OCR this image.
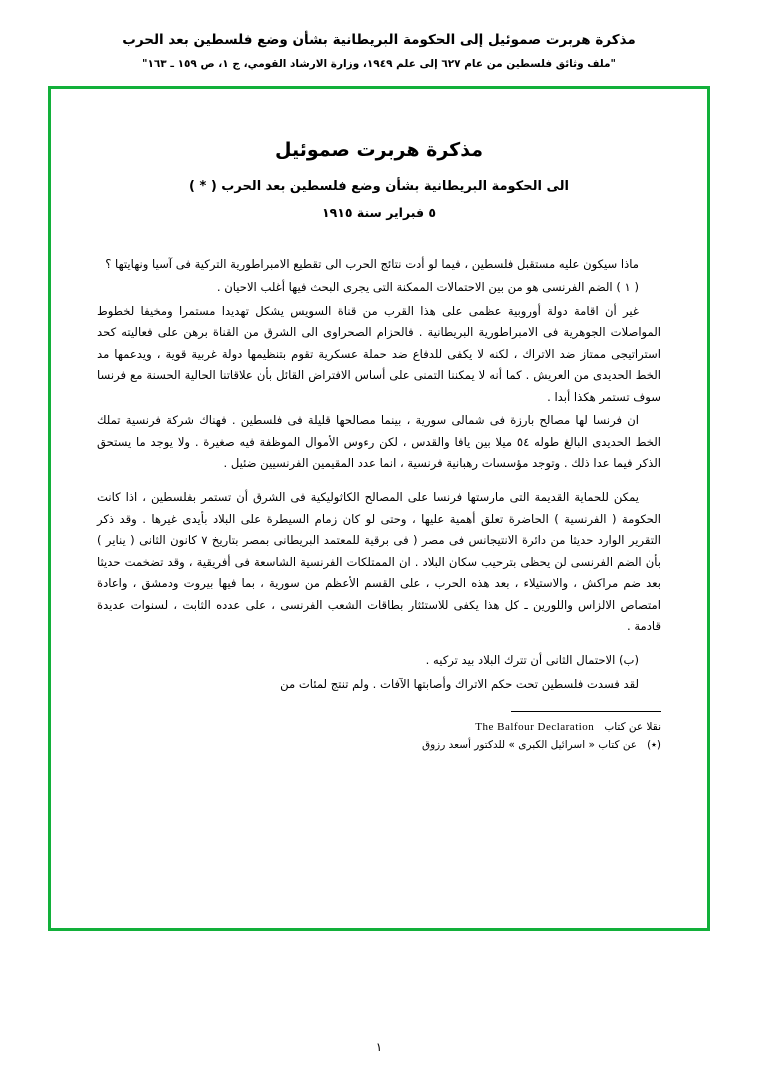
مذكرة هربرت صموئيل إلى الحكومة البريطانية بشأن وضع فلسطين بعد الحرب
"ملف وثائق فلسطين من عام ٦٢٧ إلى علم ١٩٤٩، وزارة الارشاد القومي، ج ١، ص ١٥٩ ـ ١٦٣"
مذكرة هربرت صموئيل
الى الحكومة البريطانية بشأن وضع فلسطين بعد الحرب ( * )
٥ فبراير سنة ١٩١٥

ماذا سيكون عليه مستقبل فلسطين ، فيما لو أدت نتائج الحرب الى تقطيع الامبراطورية التركية فى آسيا ونهايتها ؟

( ١ ) الضم الفرنسى هو من بين الاحتمالات الممكنة التى يجرى البحث فيها أغلب الاحيان .

غير أن اقامة دولة أوروبية عظمى على هذا القرب من قناة السويس يشكل تهديدا مستمرا ومخيفا لخطوط المواصلات الجوهرية فى الامبراطورية البريطانية . فالحزام الصحراوى الى الشرق من القناة برهن على فعاليته كحد استراتيجى ممتاز ضد الاتراك ، لكنه لا يكفى للدفاع ضد حملة عسكرية تقوم بتنظيمها دولة غربية قوية ، ويدعمها مد الخط الحديدى من العريش . كما أنه لا يمكننا التمنى على أساس الافتراض القائل بأن علاقاتنا الحالية الحسنة مع فرنسا سوف تستمر هكذا أبدا .

ان فرنسا لها مصالح بارزة فى شمالى سورية ، بينما مصالحها قليلة فى فلسطين . فهناك شركة فرنسية تملك الخط الحديدى البالغ طوله ٥٤ ميلا بين يافا والقدس ، لكن رءوس الأموال الموظفة فيه صغيرة . ولا يوجد ما يستحق الذكر فيما عدا ذلك . وتوجد مؤسسات رهبانية فرنسية ، انما عدد المقيمين الفرنسيين ضئيل .

يمكن للحماية القديمة التى مارستها فرنسا على المصالح الكاثوليكية فى الشرق أن تستمر بفلسطين ، اذا كانت الحكومة ( الفرنسية ) الحاضرة تعلق أهمية عليها ، وحتى لو كان زمام السيطرة على البلاد بأيدى غيرها . وقد ذكر التقرير الوارد حديثا من دائرة الانتيجانس فى مصر ( فى برقية للمعتمد البريطانى بمصر بتاريخ ٧ كانون الثانى ( يناير ) بأن الضم الفرنسى لن يحظى بترحيب سكان البلاد . ان الممتلكات الفرنسية الشاسعة فى أفريقية ، وقد تضخمت حديثا بعد ضم مراكش ، والاستيلاء ، بعد هذه الحرب ، على القسم الأعظم من سورية ، بما فيها بيروت ودمشق ، واعادة امتصاص الالزاس واللورين ـ كل هذا يكفى للاستئثار بطاقات الشعب الفرنسى ، على عدده الثابت ، لسنوات عديدة قادمة .

(ب) الاحتمال الثانى أن تترك البلاد بيد تركيه .

لقد فسدت فلسطين تحت حكم الاتراك وأصابتها الآفات . ولم تنتج لمئات من

نقلا عن كتاب
The Balfour Declaration
(٭)
عن كتاب « اسرائيل الكبرى » للدكتور أسعد رزوق
١
